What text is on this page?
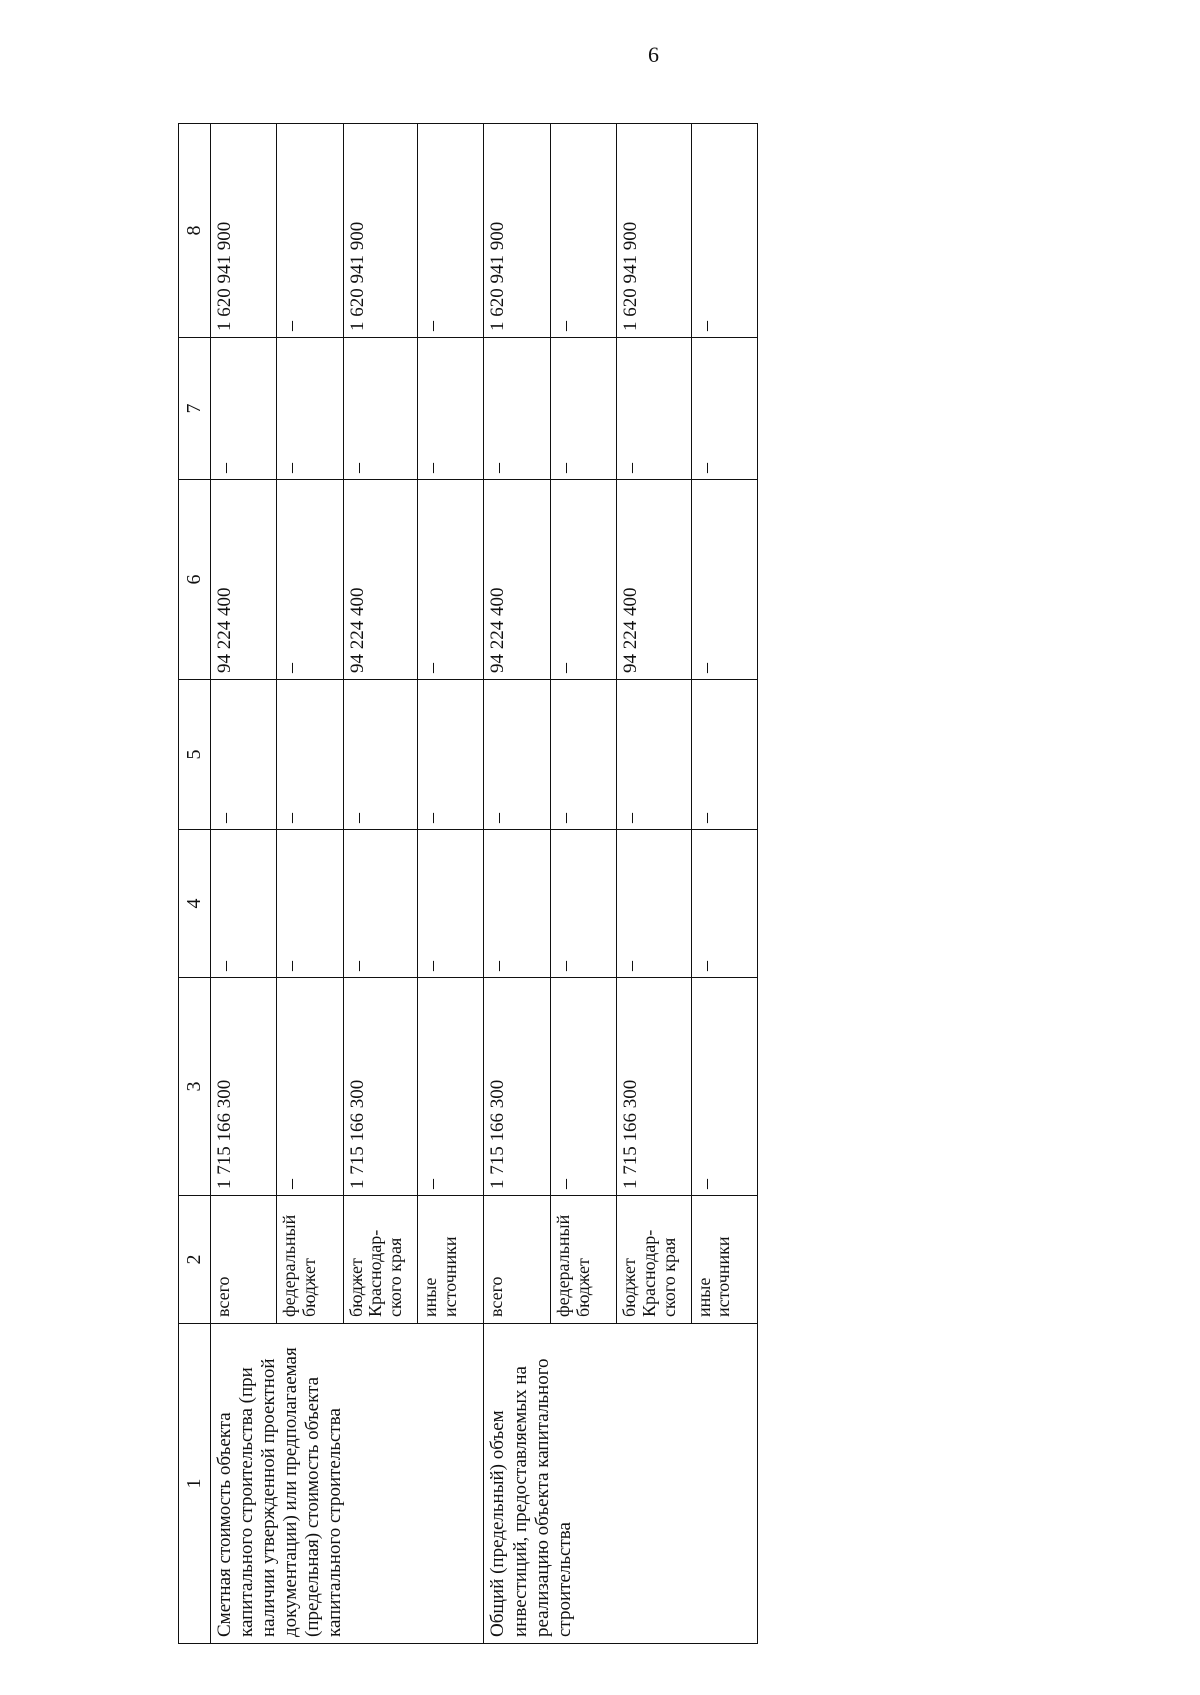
6
1	2	3	4	5	6	7	8
Сметная стоимость объекта капитального строительства (при наличии утвержденной проектной документации) или предполагаемая (предельная) стоимость объекта капитального строительства	всего	1 715 166 300	–	–	94 224 400	–	1 620 941 900
	федеральный бюджет	–	–	–	–	–	–
	бюджет Краснодар-ского края	1 715 166 300	–	–	94 224 400	–	1 620 941 900
	иные источники	–	–	–	–	–	–
Общий (предельный) объем инвестиций, предоставляемых на реализацию объекта капитального строительства	всего	1 715 166 300	–	–	94 224 400	–	1 620 941 900
	федеральный бюджет	–	–	–	–	–	–
	бюджет Краснодар-ского края	1 715 166 300	–	–	94 224 400	–	1 620 941 900
	иные источники	–	–	–	–	–	–
